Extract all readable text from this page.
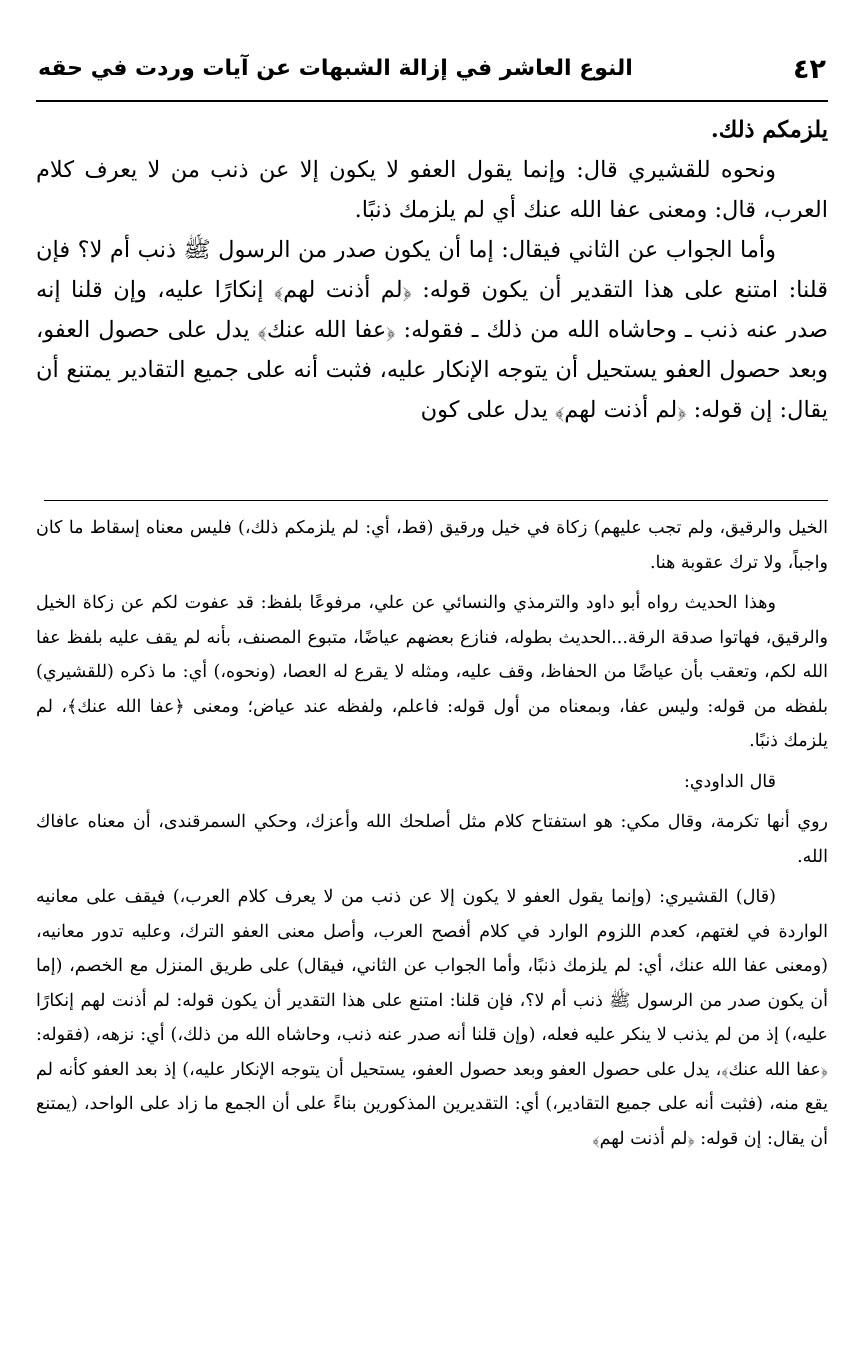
٤٢
النوع العاشر في إزالة الشبهات عن آيات وردت في حقه

يلزمكم ذلك.

ونحوه للقشيري قال: وإنما يقول العفو لا يكون إلا عن ذنب من لا يعرف كلام العرب، قال: ومعنى عفا الله عنك أي لم يلزمك ذنبًا.

وأما الجواب عن الثاني فيقال: إما أن يكون صدر من الرسول ﷺ ذنب أم لا؟ فإن قلنا: امتنع على هذا التقدير أن يكون قوله: ﴿لم أذنت لهم﴾ إنكارًا عليه، وإن قلنا إنه صدر عنه ذنب ـ وحاشاه الله من ذلك ـ فقوله: ﴿عفا الله عنك﴾ يدل على حصول العفو، وبعد حصول العفو يستحيل أن يتوجه الإنكار عليه، فثبت أنه على جميع التقادير يمتنع أن يقال: إن قوله: ﴿لم أذنت لهم﴾ يدل على كون

الخيل والرقيق، ولم تجب عليهم) زكاة في خيل ورقيق (قط، أي: لم يلزمكم ذلك،) فليس معناه إسقاط ما كان واجباً، ولا ترك عقوبة هنا.

وهذا الحديث رواه أبو داود والترمذي والنسائي عن علي، مرفوعًا بلفظ: قد عفوت لكم عن زكاة الخيل والرقيق، فهاتوا صدقة الرقة...الحديث بطوله، فنازع بعضهم عياضًا، متبوع المصنف، بأنه لم يقف عليه بلفظ عفا الله لكم، وتعقب بأن عياضًا من الحفاظ، وقف عليه، ومثله لا يقرع له العصا، (ونحوه،) أي: ما ذكره (للقشيري) بلفظه من قوله: وليس عفا، وبمعناه من أول قوله: فاعلم، ولفظه عند عياض؛ ومعنى ﴿عفا الله عنك﴾، لم يلزمك ذنبًا.

قال الداودي:

روي أنها تكرمة، وقال مكي: هو استفتاح كلام مثل أصلحك الله وأعزك، وحكي السمرقندى، أن معناه عافاك الله.

(قال) القشيري: (وإنما يقول العفو لا يكون إلا عن ذنب من لا يعرف كلام العرب،) فيقف على معانيه الواردة في لغتهم، كعدم اللزوم الوارد في كلام أفصح العرب، وأصل معنى العفو الترك، وعليه تدور معانيه، (ومعنى عفا الله عنك، أي: لم يلزمك ذنبًا، وأما الجواب عن الثاني، فيقال) على طريق المنزل مع الخصم، (إما أن يكون صدر من الرسول ﷺ ذنب أم لا؟، فإن قلنا: امتنع على هذا التقدير أن يكون قوله: لم أذنت لهم إنكارًا عليه،) إذ من لم يذنب لا ينكر عليه فعله، (وإن قلنا أنه صدر عنه ذنب، وحاشاه الله من ذلك،) أي: نزهه، (فقوله: ﴿عفا الله عنك﴾، يدل على حصول العفو وبعد حصول العفو، يستحيل أن يتوجه الإنكار عليه،) إذ بعد العفو كأنه لم يقع منه، (فثبت أنه على جميع التقادير،) أي: التقديرين المذكورين بناءً على أن الجمع ما زاد على الواحد، (يمتنع أن يقال: إن قوله: ﴿لم أذنت لهم﴾
